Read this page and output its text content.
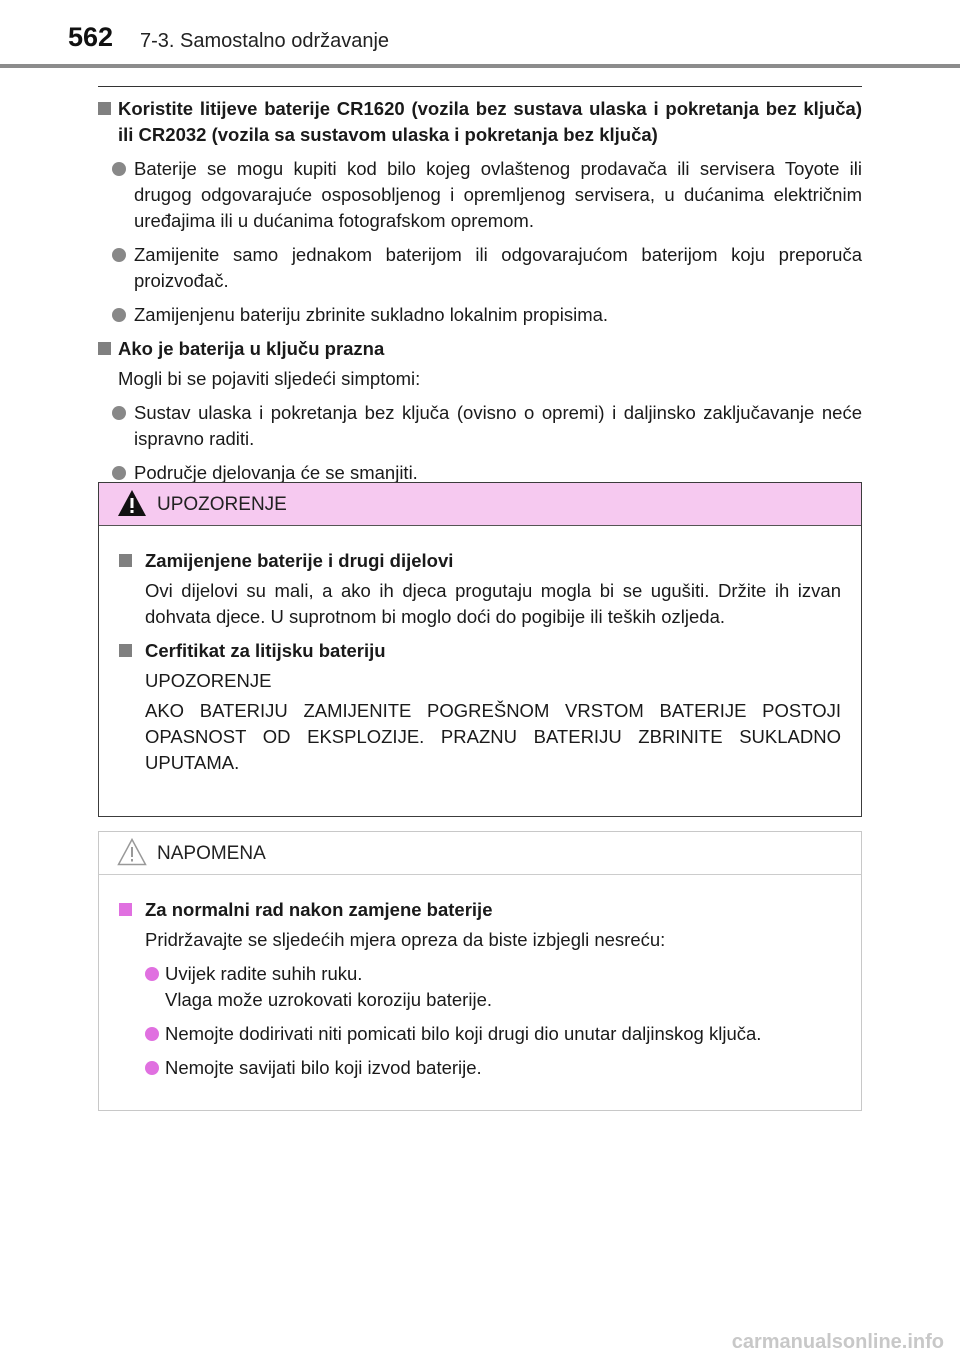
562 7-3. Samostalno održavanje
Koristite litijeve baterije CR1620 (vozila bez sustava ulaska i pokretanja bez ključa) ili CR2032 (vozila sa sustavom ulaska i pokretanja bez ključa)
Baterije se mogu kupiti kod bilo kojeg ovlaštenog prodavača ili servisera Toyote ili drugog odgovarajuće osposobljenog i opremljenog servisera, u dućanima električnim uređajima ili u dućanima fotografskom opremom.
Zamijenite samo jednakom baterijom ili odgovarajućom baterijom koju preporuča proizvođač.
Zamijenjenu bateriju zbrinite sukladno lokalnim propisima.
Ako je baterija u ključu prazna
Mogli bi se pojaviti sljedeći simptomi:
Sustav ulaska i pokretanja bez ključa (ovisno o opremi) i daljinsko zaključavanje neće ispravno raditi.
Područje djelovanja će se smanjiti.
UPOZORENJE
Zamijenjene baterije i drugi dijelovi
Ovi dijelovi su mali, a ako ih djeca progutaju mogla bi se ugušiti. Držite ih izvan dohvata djece. U suprotnom bi moglo doći do pogibije ili teških ozljeda.
Cerfitikat za litijsku bateriju
UPOZORENJE
AKO BATERIJU ZAMIJENITE POGREŠNOM VRSTOM BATERIJE POSTOJI OPASNOST OD EKSPLOZIJE. PRAZNU BATERIJU ZBRINITE SUKLADNO UPUTAMA.
NAPOMENA
Za normalni rad nakon zamjene baterije
Pridržavajte se sljedećih mjera opreza da biste izbjegli nesreću:
Uvijek radite suhih ruku.
Vlaga može uzrokovati koroziju baterije.
Nemojte dodirivati niti pomicati bilo koji drugi dio unutar daljinskog ključa.
Nemojte savijati bilo koji izvod baterije.
carmanualsonline.info
